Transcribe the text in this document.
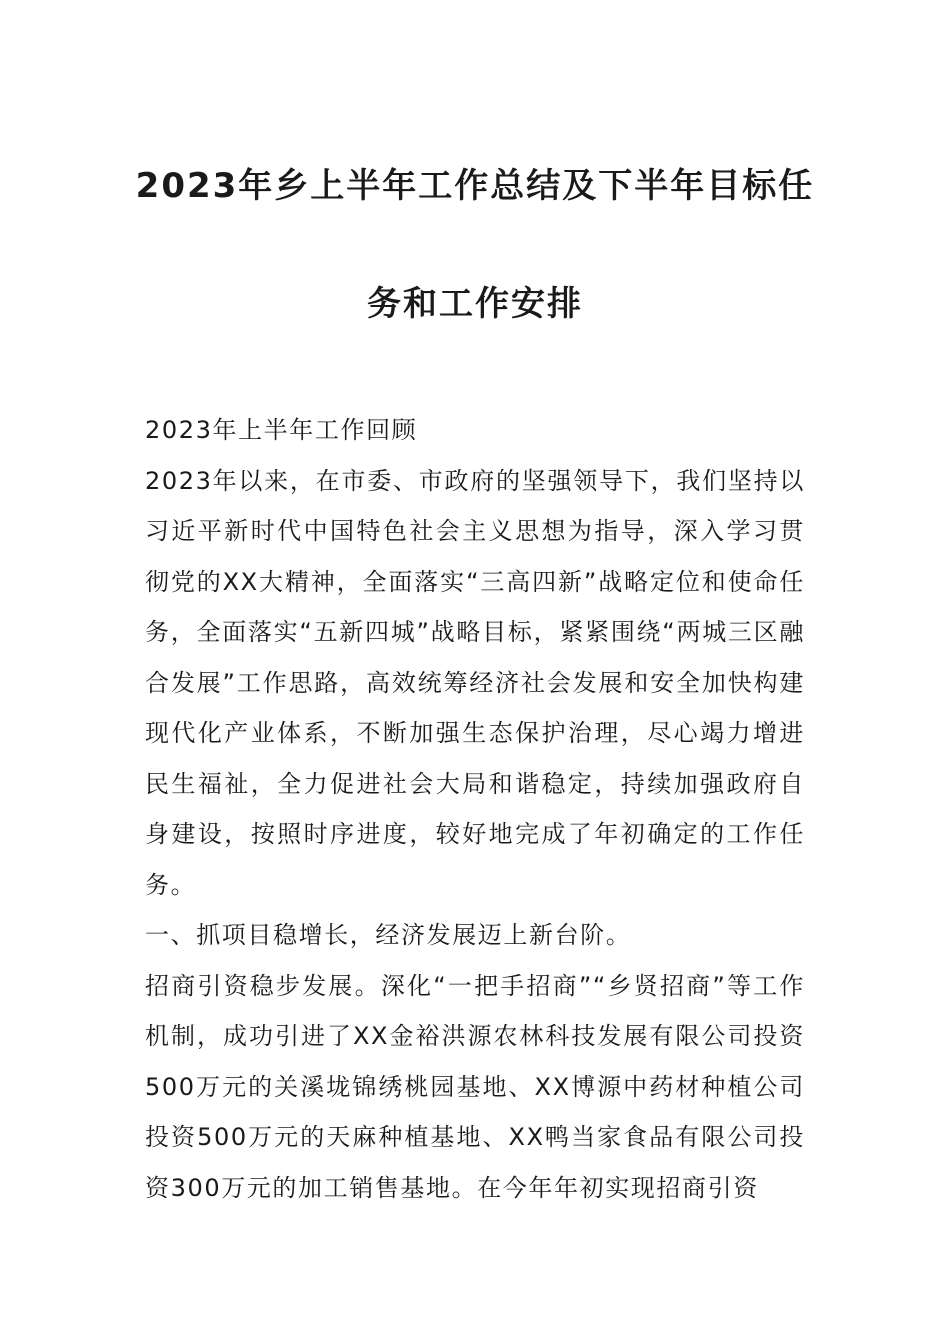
2023年乡上半年工作总结及下半年目标任
务和工作安排

2023年上半年工作回顾

2023年以来，在市委、市政府的坚强领导下，我们坚持以习近平新时代中国特色社会主义思想为指导，深入学习贯彻党的XX大精神，全面落实“三高四新”战略定位和使命任务，全面落实“五新四城”战略目标，紧紧围绕“两城三区融合发展”工作思路，高效统筹经济社会发展和安全加快构建现代化产业体系，不断加强生态保护治理，尽心竭力增进民生福祉，全力促进社会大局和谐稳定，持续加强政府自身建设，按照时序进度，较好地完成了年初确定的工作任务。

一、抓项目稳增长，经济发展迈上新台阶。

招商引资稳步发展。深化“一把手招商”“乡贤招商”等工作机制，成功引进了XX金裕洪源农林科技发展有限公司投资500万元的关溪垅锦绣桃园基地、XX博源中药材种植公司投资500万元的天麻种植基地、XX鸭当家食品有限公司投资300万元的加工销售基地。在今年年初实现招商引资
